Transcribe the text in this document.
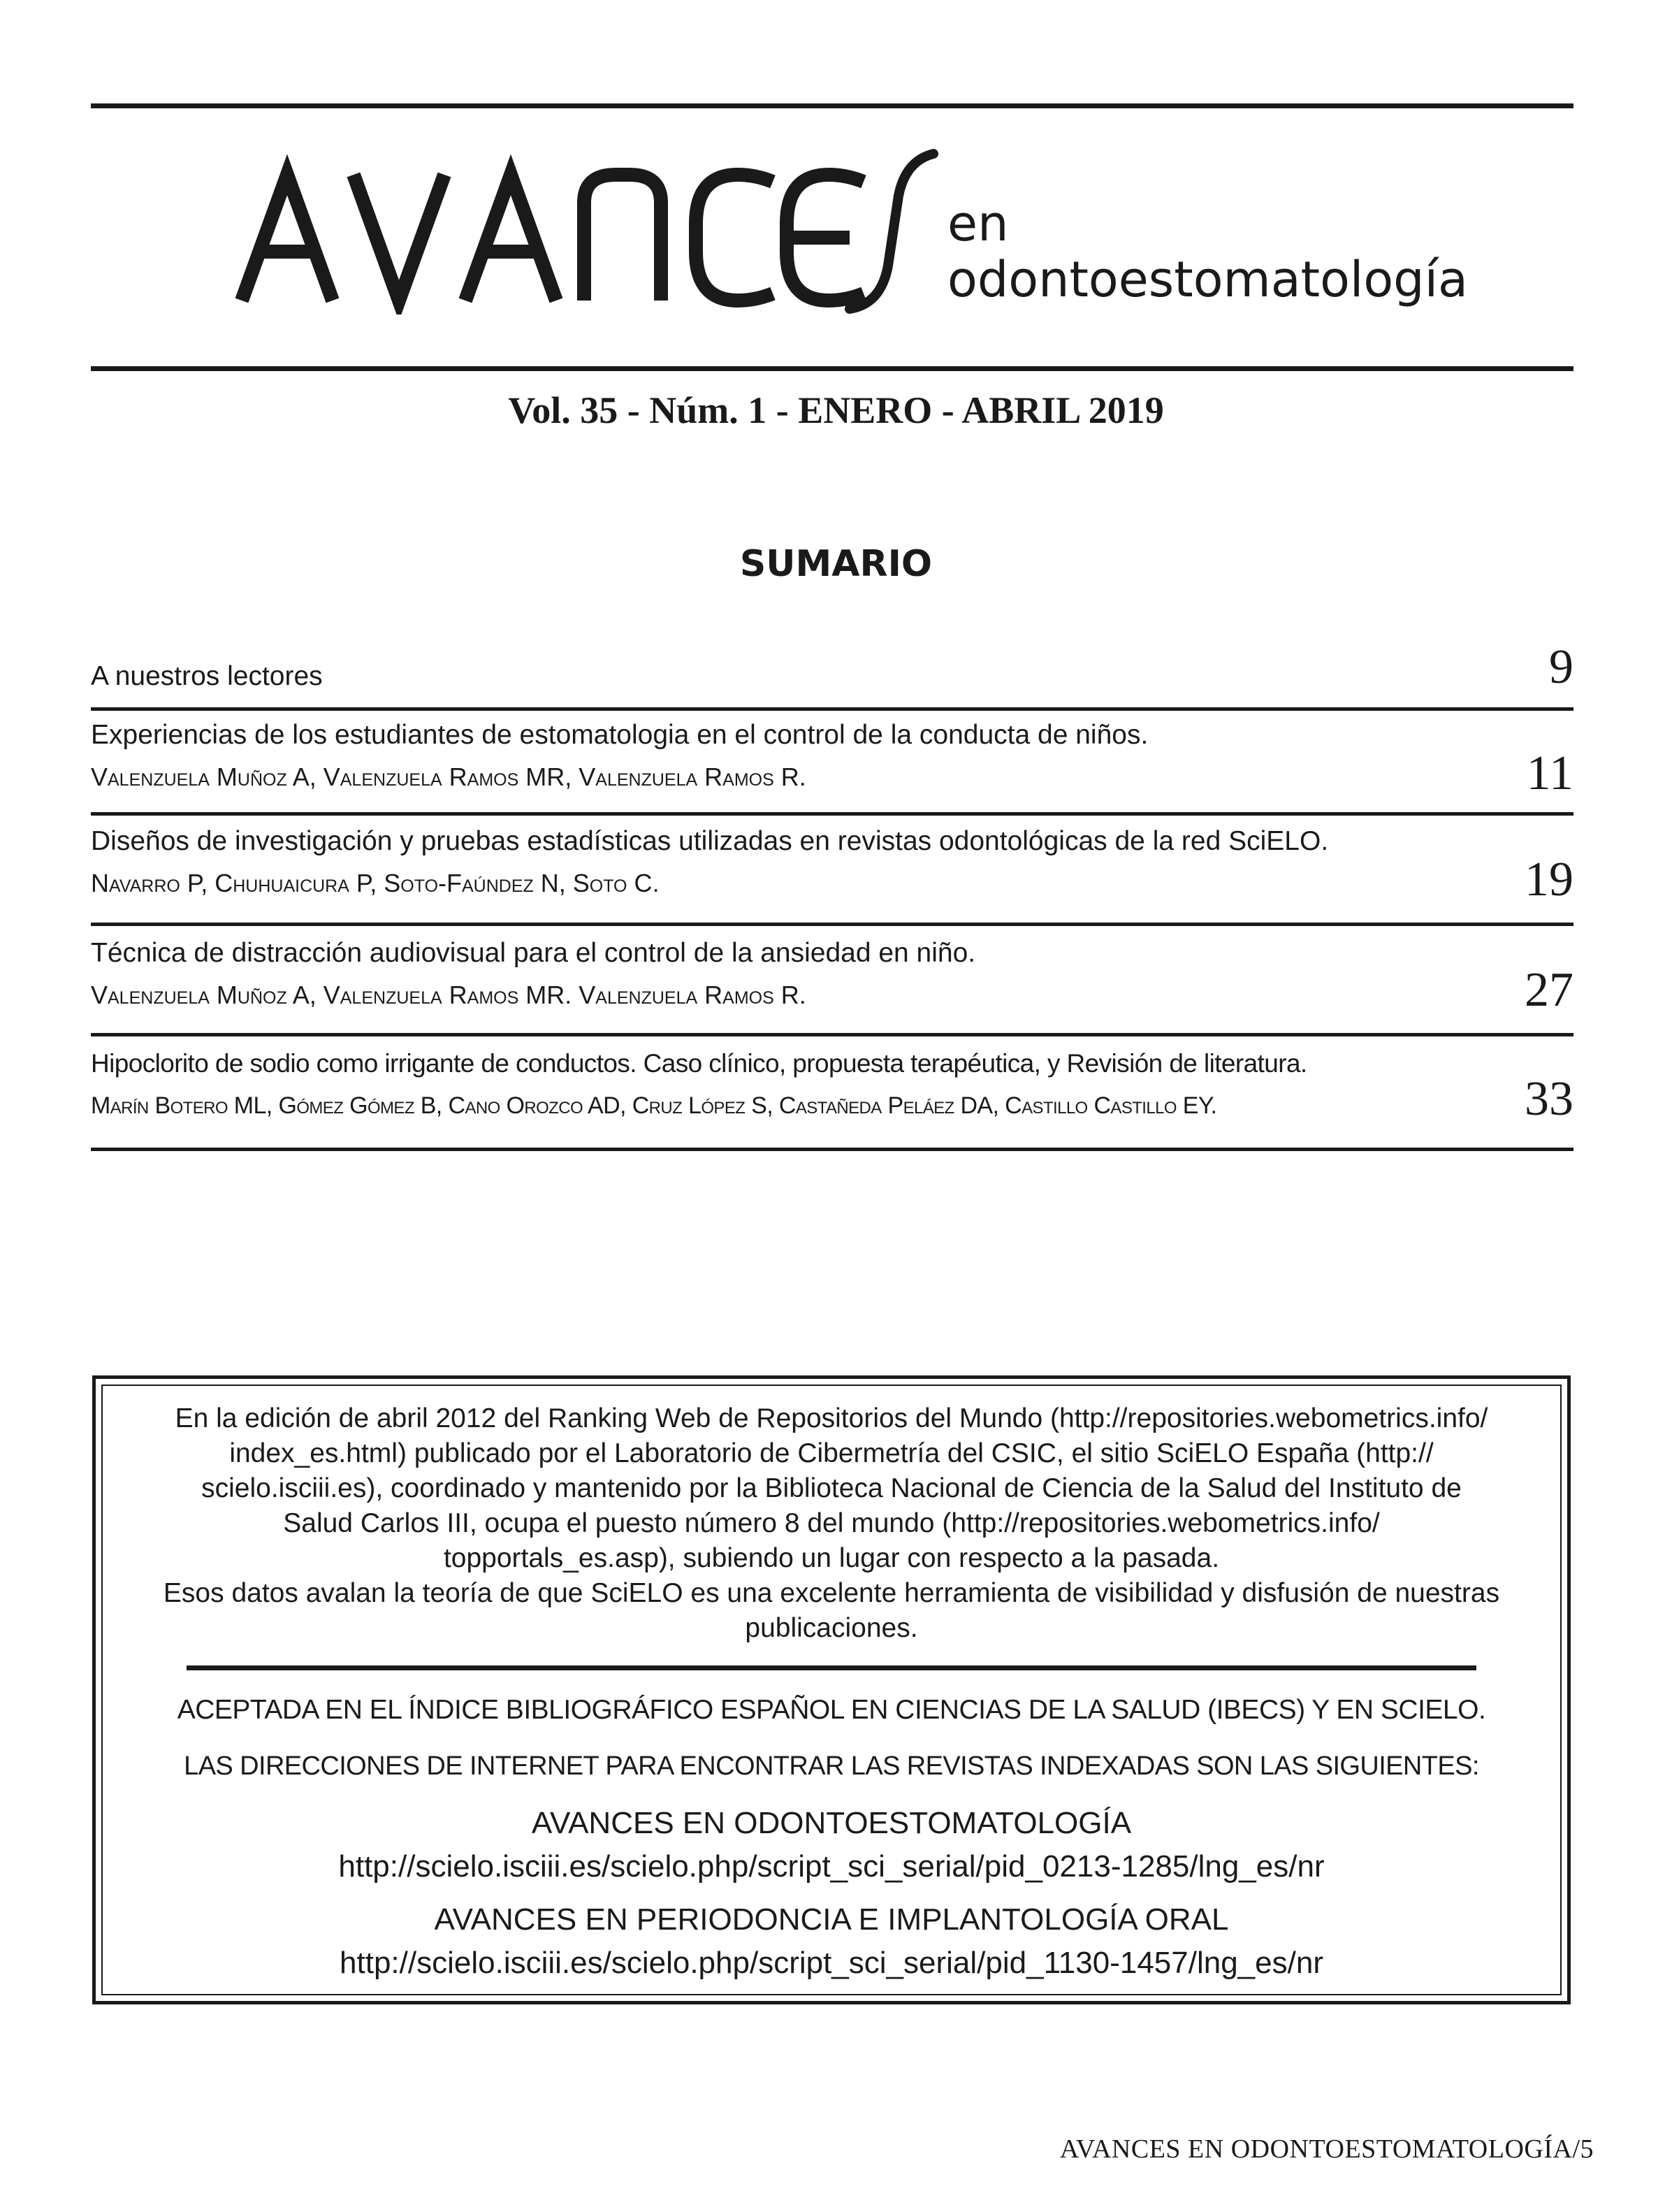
en
odontoestomatología
Vol. 35 - Núm. 1 - ENERO - ABRIL 2019
SUMARIO
A nuestros lectores	9
Experiencias de los estudiantes de estomatologia en el control de la conducta de niños.
Valenzuela Muñoz A, Valenzuela Ramos MR, Valenzuela Ramos R.	11
Diseños de investigación y pruebas estadísticas utilizadas en revistas odontológicas de la red SciELO.
Navarro P, Chuhuaicura P, Soto-Faúndez N, Soto C.	19
Técnica de distracción audiovisual para el control de la ansiedad en niño.
Valenzuela Muñoz A, Valenzuela Ramos MR. Valenzuela Ramos R.	27
Hipoclorito de sodio como irrigante de conductos. Caso clínico, propuesta terapéutica, y Revisión de literatura.
Marín Botero ML, Gómez Gómez B, Cano Orozco AD, Cruz López S, Castañeda Peláez DA, Castillo Castillo EY.	33
En la edición de abril 2012 del Ranking Web de Repositorios del Mundo (http://repositories.webometrics.info/
index_es.html) publicado por el Laboratorio de Cibermetría del CSIC, el sitio SciELO España (http://
scielo.isciii.es), coordinado y mantenido por la Biblioteca Nacional de Ciencia de la Salud del Instituto de
Salud Carlos III, ocupa el puesto número 8 del mundo (http://repositories.webometrics.info/
topportals_es.asp), subiendo un lugar con respecto a la pasada.
Esos datos avalan la teoría de que SciELO es una excelente herramienta de visibilidad y disfusión de nuestras
publicaciones.
ACEPTADA EN EL ÍNDICE BIBLIOGRÁFICO ESPAÑOL EN CIENCIAS DE LA SALUD (IBECS) Y EN SCIELO.
LAS DIRECCIONES DE INTERNET PARA ENCONTRAR LAS REVISTAS INDEXADAS SON LAS SIGUIENTES:
AVANCES EN ODONTOESTOMATOLOGÍA
http://scielo.isciii.es/scielo.php/script_sci_serial/pid_0213-1285/lng_es/nr
AVANCES EN PERIODONCIA E IMPLANTOLOGÍA ORAL
http://scielo.isciii.es/scielo.php/script_sci_serial/pid_1130-1457/lng_es/nr
AVANCES EN ODONTOESTOMATOLOGÍA/5
